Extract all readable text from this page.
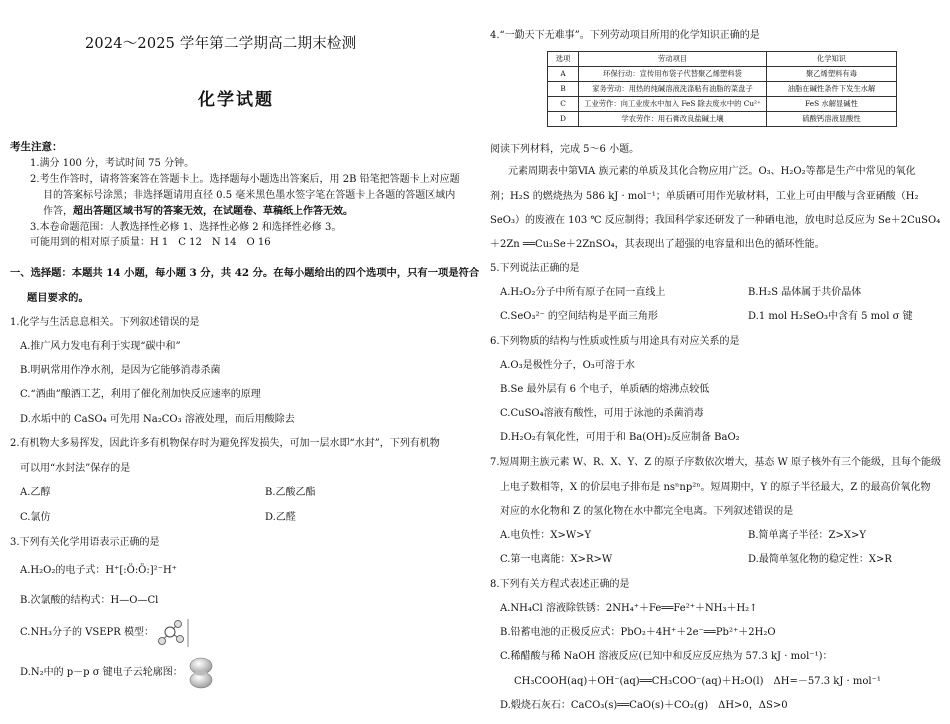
2024～2025 学年第二学期高二期末检测
化学试题
考生注意：
1.满分 100 分，考试时间 75 分钟。
2.考生作答时，请将答案答在答题卡上。选择题每小题选出答案后，用 2B 铅笔把答题卡上对应题
目的答案标号涂黑；非选择题请用直径 0.5 毫米黑色墨水签字笔在答题卡上各题的答题区域内
作答，超出答题区域书写的答案无效，在试题卷、草稿纸上作答无效。
3.本卷命题范围：人教选择性必修 1、选择性必修 2 和选择性必修 3。
可能用到的相对原子质量：H 1　C 12　N 14　O 16
一、选择题：本题共 14 小题，每小题 3 分，共 42 分。在每小题给出的四个选项中，只有一项是符合
题目要求的。
1.化学与生活息息相关。下列叙述错误的是
A.推广风力发电有利于实现“碳中和”
B.明矾常用作净水剂，是因为它能够消毒杀菌
C.“酒曲”酿酒工艺，利用了催化剂加快反应速率的原理
D.水垢中的 CaSO₄ 可先用 Na₂CO₃ 溶液处理，而后用酸除去
2.有机物大多易挥发，因此许多有机物保存时为避免挥发损失，可加一层水即“水封”，下列有机物
可以用“水封法”保存的是
A.乙醇	B.乙酸乙酯
C.氯仿	D.乙醛
3.下列有关化学用语表示正确的是
A.H₂O₂的电子式：H⁺[:Ö:Ö:]²⁻H⁺
B.次氯酸的结构式：H—O—Cl
C.NH₃分子的 VSEPR 模型：
D.N₂中的 p－p σ 键电子云轮廓图：
4.“一勤天下无难事”。下列劳动项目所用的化学知识正确的是
选项	劳动项目	化学知识
A	环保行动：宣传用布袋子代替聚乙烯塑料袋	聚乙烯塑料有毒
B	家务劳动：用热的纯碱溶液洗涤粘有油脂的菜盘子	油脂在碱性条件下发生水解
C	工业劳作：向工业废水中加入 FeS 除去废水中的 Cu²⁺	FeS 水解显碱性
D	学农劳作：用石膏改良盐碱土壤	硫酸钙溶液显酸性
阅读下列材料，完成 5～6 小题。
元素周期表中第ⅥA 族元素的单质及其化合物应用广泛。O₃、H₂O₂等都是生产中常见的氧化
剂；H₂S 的燃烧热为 586 kJ · mol⁻¹；单质硒可用作光敏材料，工业上可由甲酸与含亚硒酸（H₂
SeO₃）的废液在 103 ℃ 反应制得；我国科学家还研发了一种硒电池，放电时总反应为 Se＋2CuSO₄
＋2Zn ══Cu₂Se＋2ZnSO₄，其表现出了超强的电容量和出色的循环性能。
5.下列说法正确的是
A.H₂O₂分子中所有原子在同一直线上	B.H₂S 晶体属于共价晶体
C.SeO₃²⁻ 的空间结构是平面三角形	D.1 mol H₂SeO₃中含有 5 mol σ 键
6.下列物质的结构与性质或性质与用途具有对应关系的是
A.O₃是极性分子，O₃可溶于水
B.Se 最外层有 6 个电子，单质硒的熔沸点较低
C.CuSO₄溶液有酸性，可用于泳池的杀菌消毒
D.H₂O₂有氧化性，可用于和 Ba(OH)₂反应制备 BaO₂
7.短周期主族元素 W、R、X、Y、Z 的原子序数依次增大，基态 W 原子核外有三个能级，且每个能级
上电子数相等，X 的价层电子排布是 nsⁿnp²ⁿ。短周期中，Y 的原子半径最大，Z 的最高价氧化物
对应的水化物和 Z 的氢化物在水中都完全电离。下列叙述错误的是
A.电负性：X>W>Y	B.简单离子半径：Z>X>Y
C.第一电离能：X>R>W	D.最简单氢化物的稳定性：X>R
8.下列有关方程式表述正确的是
A.NH₄Cl 溶液除铁锈：2NH₄⁺＋Fe══Fe²⁺＋NH₃＋H₂↑
B.铅蓄电池的正极反应式：PbO₂＋4H⁺＋2e⁻══Pb²⁺＋2H₂O
C.稀醋酸与稀 NaOH 溶液反应(已知中和反应反应热为 57.3 kJ · mol⁻¹)：
CH₃COOH(aq)＋OH⁻(aq)══CH₃COO⁻(aq)＋H₂O(l)　ΔH=－57.3 kJ · mol⁻¹
D.煅烧石灰石：CaCO₃(s)══CaO(s)＋CO₂(g)　ΔH>0，ΔS>0
